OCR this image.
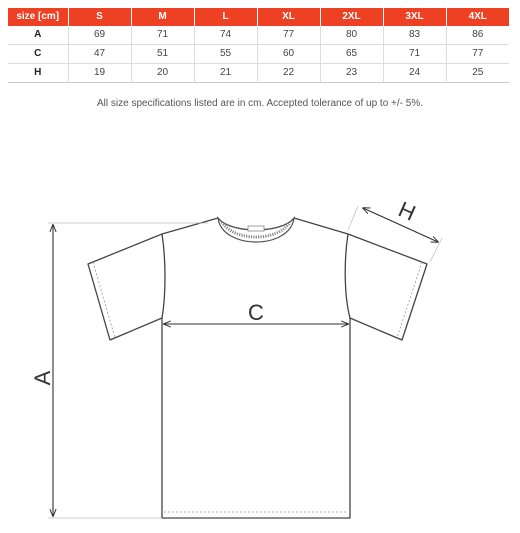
size [cm]	S	M	L	XL	2XL	3XL	4XL
A	69	71	74	77	80	83	86
C	47	51	55	60	65	71	77
H	19	20	21	22	23	24	25
All size specifications listed are in cm. Accepted tolerance of up to +/- 5%.
A
C
H
